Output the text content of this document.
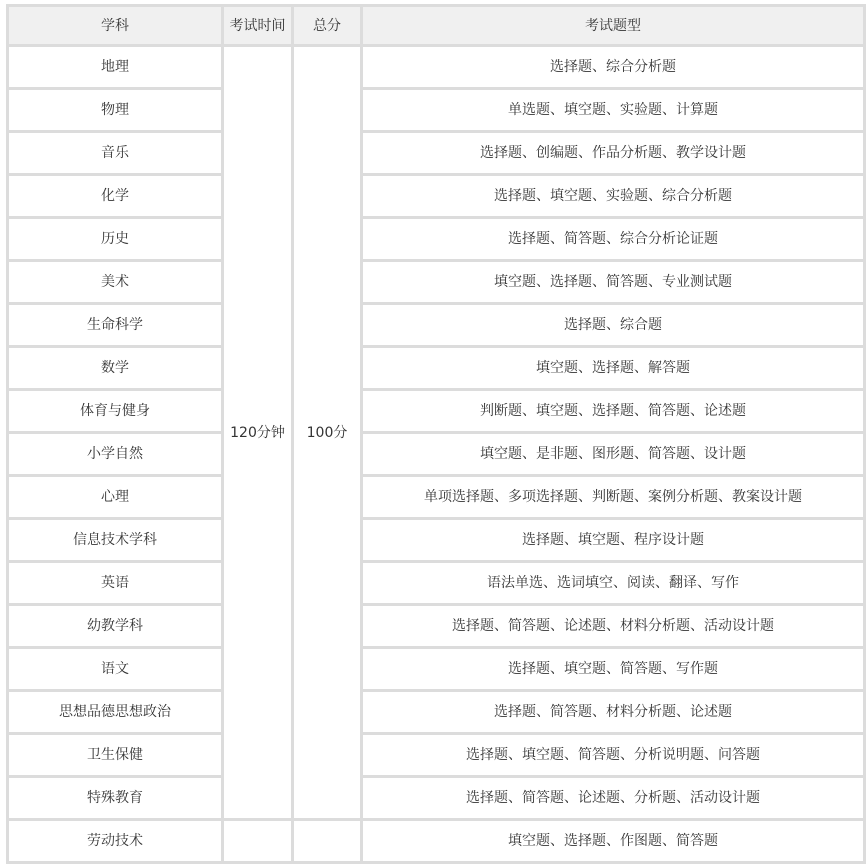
学科	考试时间	总分	考试题型
地理	120分钟	100分	选择题、综合分析题
物理			单选题、填空题、实验题、计算题
音乐			选择题、创编题、作品分析题、教学设计题
化学			选择题、填空题、实验题、综合分析题
历史			选择题、简答题、综合分析论证题
美术			填空题、选择题、简答题、专业测试题
生命科学			选择题、综合题
数学			填空题、选择题、解答题
体育与健身			判断题、填空题、选择题、简答题、论述题
小学自然			填空题、是非题、图形题、简答题、设计题
心理			单项选择题、多项选择题、判断题、案例分析题、教案设计题
信息技术学科			选择题、填空题、程序设计题
英语			语法单选、选词填空、阅读、翻译、写作
幼教学科			选择题、简答题、论述题、材料分析题、活动设计题
语文			选择题、填空题、简答题、写作题
思想品德思想政治			选择题、简答题、材料分析题、论述题
卫生保健			选择题、填空题、简答题、分析说明题、问答题
特殊教育			选择题、简答题、论述题、分析题、活动设计题
劳动技术			填空题、选择题、作图题、简答题
